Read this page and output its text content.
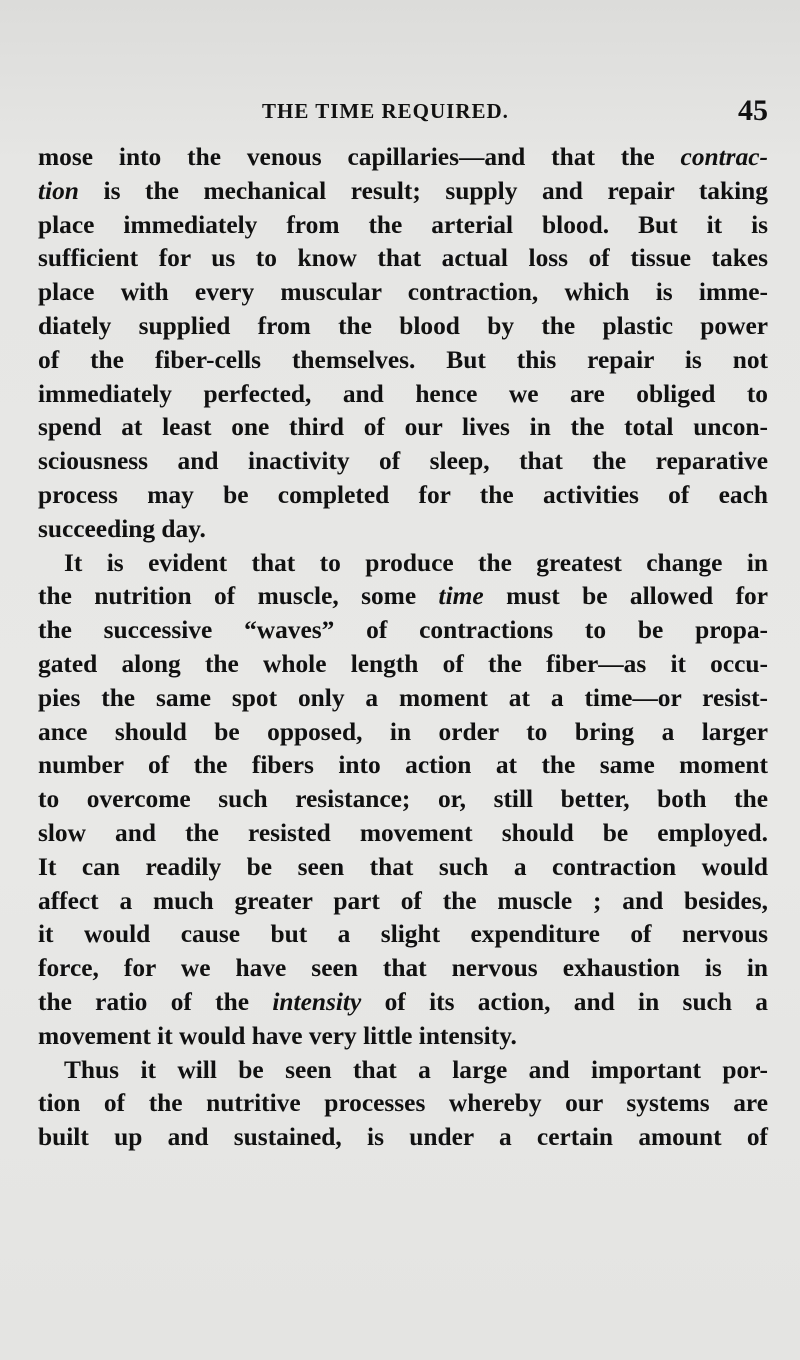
THE TIME REQUIRED.	45

mose into the venous capillaries—and that the contrac-
tion is the mechanical result; supply and repair taking
place immediately from the arterial blood. But it is
sufficient for us to know that actual loss of tissue takes
place with every muscular contraction, which is imme-
diately supplied from the blood by the plastic power
of the fiber-cells themselves. But this repair is not
immediately perfected, and hence we are obliged to
spend at least one third of our lives in the total uncon-
sciousness and inactivity of sleep, that the reparative
process may be completed for the activities of each
succeeding day.

It is evident that to produce the greatest change in
the nutrition of muscle, some time must be allowed for
the successive “waves” of contractions to be propa-
gated along the whole length of the fiber—as it occu-
pies the same spot only a moment at a time—or resist-
ance should be opposed, in order to bring a larger
number of the fibers into action at the same moment
to overcome such resistance; or, still better, both the
slow and the resisted movement should be employed.
It can readily be seen that such a contraction would
affect a much greater part of the muscle ; and besides,
it would cause but a slight expenditure of nervous
force, for we have seen that nervous exhaustion is in
the ratio of the intensity of its action, and in such a
movement it would have very little intensity.

Thus it will be seen that a large and important por-
tion of the nutritive processes whereby our systems are
built up and sustained, is under a certain amount of
